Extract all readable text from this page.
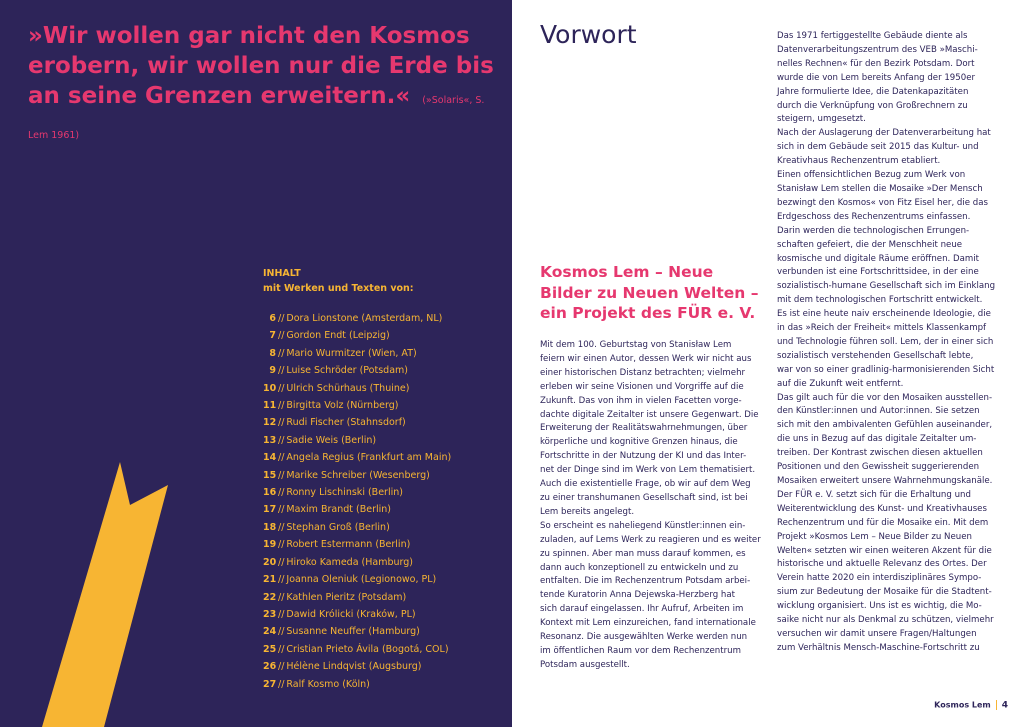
»Wir wollen gar nicht den Kosmos erobern, wir wollen nur die Erde bis an seine Grenzen erweitern.« (»Solaris«, S. Lem 1961)

INHALT
mit Werken und Texten von:
6 // Dora Lionstone (Amsterdam, NL)
7 // Gordon Endt (Leipzig)
8 // Mario Wurmitzer (Wien, AT)
9 // Luise Schröder (Potsdam)
10 // Ulrich Schürhaus (Thuine)
11 // Birgitta Volz (Nürnberg)
12 // Rudi Fischer (Stahnsdorf)
13 // Sadie Weis (Berlin)
14 // Angela Regius (Frankfurt am Main)
15 // Marike Schreiber (Wesenberg)
16 // Ronny Lischinski (Berlin)
17 // Maxim Brandt (Berlin)
18 // Stephan Groß (Berlin)
19 // Robert Estermann (Berlin)
20 // Hiroko Kameda (Hamburg)
21 // Joanna Oleniuk (Legionowo, PL)
22 // Kathlen Pieritz (Potsdam)
23 // Dawid Królicki (Kraków, PL)
24 // Susanne Neuffer (Hamburg)
25 // Cristian Prieto Ávila (Bogotá, COL)
26 // Hélène Lindqvist (Augsburg)
27 // Ralf Kosmo (Köln)
Vorwort
Kosmos Lem – Neue Bilder zu Neuen Welten – ein Projekt des FÜR e. V.

Mit dem 100. Geburtstag von Stanisław Lem
feiern wir einen Autor, dessen Werk wir nicht aus
einer historischen Distanz betrachten; vielmehr
erleben wir seine Visionen und Vorgriffe auf die
Zukunft. Das von ihm in vielen Facetten vorge-
dachte digitale Zeitalter ist unsere Gegenwart. Die
Erweiterung der Realitätswahrnehmungen, über
körperliche und kognitive Grenzen hinaus, die
Fortschritte in der Nutzung der KI und das Inter-
net der Dinge sind im Werk von Lem thematisiert.
Auch die existentielle Frage, ob wir auf dem Weg
zu einer transhumanen Gesellschaft sind, ist bei
Lem bereits angelegt.
So erscheint es naheliegend Künstler:innen ein-
zuladen, auf Lems Werk zu reagieren und es weiter
zu spinnen. Aber man muss darauf kommen, es
dann auch konzeptionell zu entwickeln und zu
entfalten. Die im Rechenzentrum Potsdam arbei-
tende Kuratorin Anna Dejewska-Herzberg hat
sich darauf eingelassen. Ihr Aufruf, Arbeiten im
Kontext mit Lem einzureichen, fand internationale
Resonanz. Die ausgewählten Werke werden nun
im öffentlichen Raum vor dem Rechenzentrum
Potsdam ausgestellt.

Das 1971 fertiggestellte Gebäude diente als
Datenverarbeitungszentrum des VEB »Maschi-
nelles Rechnen« für den Bezirk Potsdam. Dort
wurde die von Lem bereits Anfang der 1950er
Jahre formulierte Idee, die Datenkapazitäten
durch die Verknüpfung von Großrechnern zu
steigern, umgesetzt.
Nach der Auslagerung der Datenverarbeitung hat
sich in dem Gebäude seit 2015 das Kultur- und
Kreativhaus Rechenzentrum etabliert.
Einen offensichtlichen Bezug zum Werk von
Stanisław Lem stellen die Mosaike »Der Mensch
bezwingt den Kosmos« von Fitz Eisel her, die das
Erdgeschoss des Rechenzentrums einfassen.
Darin werden die technologischen Errungen-
schaften gefeiert, die der Menschheit neue
kosmische und digitale Räume eröffnen. Damit
verbunden ist eine Fortschrittsidee, in der eine
sozialistisch-humane Gesellschaft sich im Einklang
mit dem technologischen Fortschritt entwickelt.
Es ist eine heute naiv erscheinende Ideologie, die
in das »Reich der Freiheit« mittels Klassenkampf
und Technologie führen soll. Lem, der in einer sich
sozialistisch verstehenden Gesellschaft lebte,
war von so einer gradlinig-harmonisierenden Sicht
auf die Zukunft weit entfernt.
Das gilt auch für die vor den Mosaiken ausstellen-
den Künstler:innen und Autor:innen. Sie setzen
sich mit den ambivalenten Gefühlen auseinander,
die uns in Bezug auf das digitale Zeitalter um-
treiben. Der Kontrast zwischen diesen aktuellen
Positionen und den Gewissheit suggerierenden
Mosaiken erweitert unsere Wahrnehmungskanäle.
Der FÜR e. V. setzt sich für die Erhaltung und
Weiterentwicklung des Kunst- und Kreativhauses
Rechenzentrum und für die Mosaike ein. Mit dem
Projekt »Kosmos Lem – Neue Bilder zu Neuen
Welten« setzten wir einen weiteren Akzent für die
historische und aktuelle Relevanz des Ortes. Der
Verein hatte 2020 ein interdisziplinäres Sympo-
sium zur Bedeutung der Mosaike für die Stadtent-
wicklung organisiert. Uns ist es wichtig, die Mo-
saike nicht nur als Denkmal zu schützen, vielmehr
versuchen wir damit unsere Fragen/Haltungen
zum Verhältnis Mensch-Maschine-Fortschritt zu

Kosmos Lem 4
